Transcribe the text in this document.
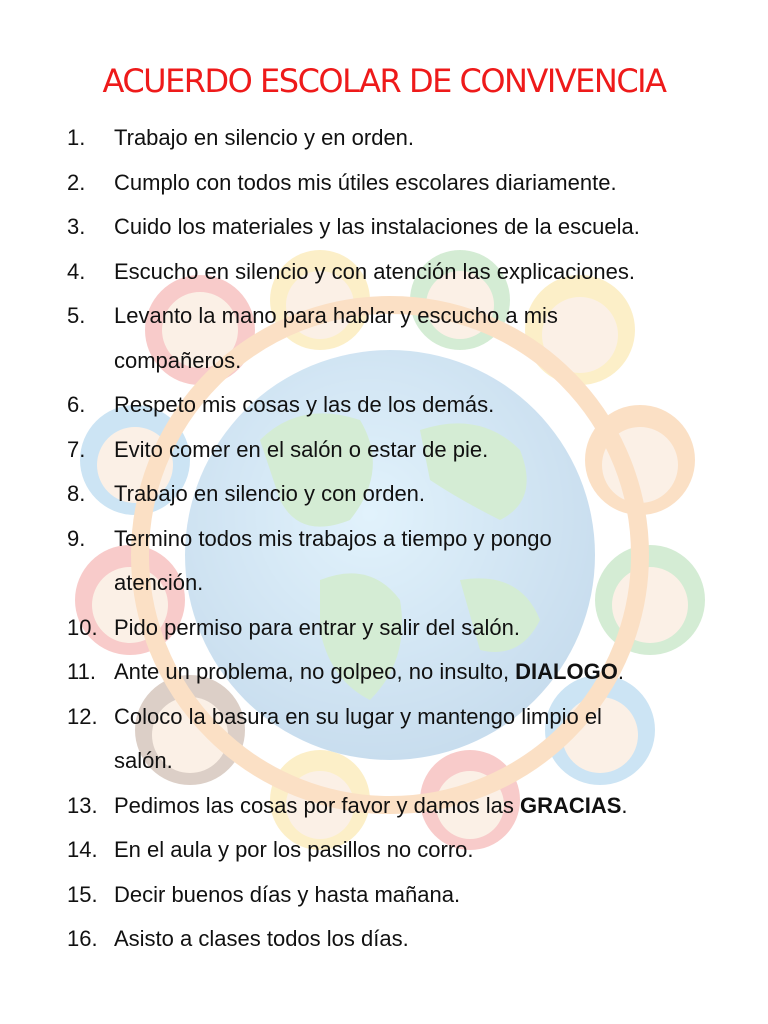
ACUERDO ESCOLAR DE CONVIVENCIA
1. Trabajo en silencio y en orden.
2. Cumplo con todos mis útiles escolares diariamente.
3. Cuido los materiales y las instalaciones de la escuela.
4. Escucho en silencio y con atención las explicaciones.
5. Levanto la mano para hablar y escucho a mis
compañeros.
6. Respeto mis cosas y las de los demás.
7. Evito comer en el salón o estar de pie.
8. Trabajo en silencio y con orden.
9. Termino todos mis trabajos a tiempo y pongo
atención.
10. Pido permiso para entrar y salir del salón.
11. Ante un problema, no golpeo, no insulto, DIALOGO.
12. Coloco la basura en su lugar y mantengo limpio el
salón.
13. Pedimos las cosas por favor y damos las GRACIAS.
14. En el aula y por los pasillos no corro.
15. Decir buenos días y hasta mañana.
16. Asisto a clases todos los días.
